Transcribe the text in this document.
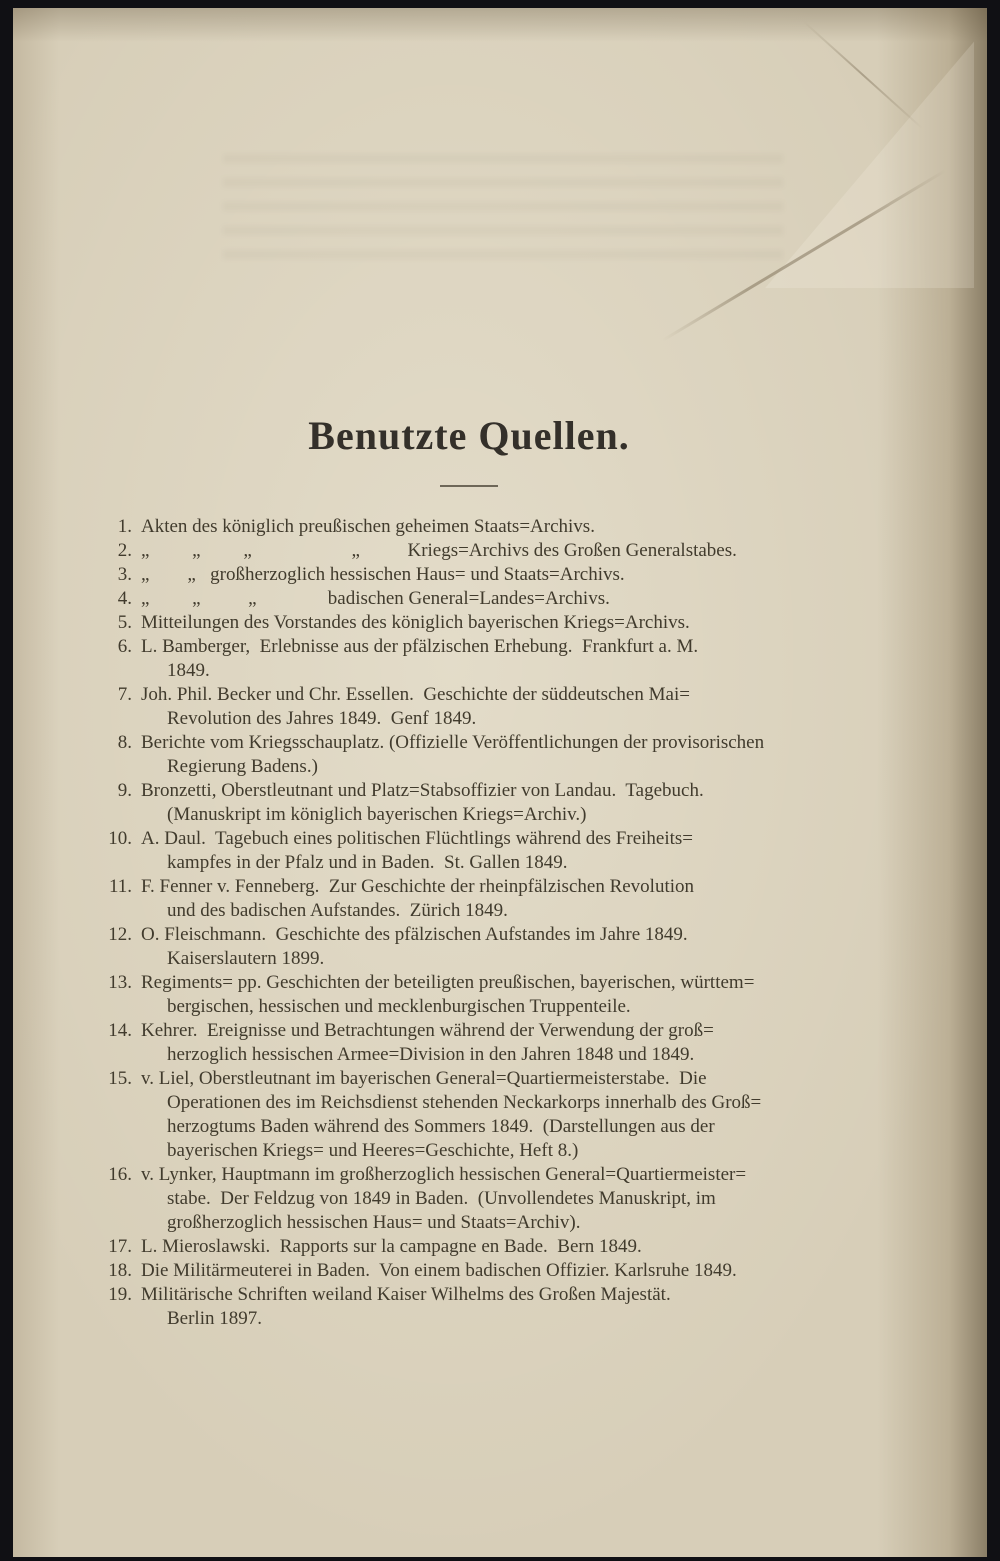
Benutzte Quellen.
1. Akten des königlich preußischen geheimen Staats=Archivs.
2. „         „         „                     „          Kriegs=Archivs des Großen Generalstabes.
3. „        „   großherzoglich hessischen Haus= und Staats=Archivs.
4. „         „          „               badischen General=Landes=Archivs.
5. Mitteilungen des Vorstandes des königlich bayerischen Kriegs=Archivs.
6. L. Bamberger,  Erlebnisse aus der pfälzischen Erhebung.  Frankfurt a. M.
1849.
7. Joh. Phil. Becker und Chr. Essellen.  Geschichte der süddeutschen Mai=
Revolution des Jahres 1849.  Genf 1849.
8. Berichte vom Kriegsschauplatz. (Offizielle Veröffentlichungen der provisorischen
Regierung Badens.)
9. Bronzetti, Oberstleutnant und Platz=Stabsoffizier von Landau.  Tagebuch.
(Manuskript im königlich bayerischen Kriegs=Archiv.)
10. A. Daul.  Tagebuch eines politischen Flüchtlings während des Freiheits=
kampfes in der Pfalz und in Baden.  St. Gallen 1849.
11. F. Fenner v. Fenneberg.  Zur Geschichte der rheinpfälzischen Revolution
und des badischen Aufstandes.  Zürich 1849.
12. O. Fleischmann.  Geschichte des pfälzischen Aufstandes im Jahre 1849.
Kaiserslautern 1899.
13. Regiments= pp. Geschichten der beteiligten preußischen, bayerischen, württem=
bergischen, hessischen und mecklenburgischen Truppenteile.
14. Kehrer.  Ereignisse und Betrachtungen während der Verwendung der groß=
herzoglich hessischen Armee=Division in den Jahren 1848 und 1849.
15. v. Liel, Oberstleutnant im bayerischen General=Quartiermeisterstabe.  Die
Operationen des im Reichsdienst stehenden Neckarkorps innerhalb des Groß=
herzogtums Baden während des Sommers 1849.  (Darstellungen aus der
bayerischen Kriegs= und Heeres=Geschichte, Heft 8.)
16. v. Lynker, Hauptmann im großherzoglich hessischen General=Quartiermeister=
stabe.  Der Feldzug von 1849 in Baden.  (Unvollendetes Manuskript, im
großherzoglich hessischen Haus= und Staats=Archiv).
17. L. Mieroslawski.  Rapports sur la campagne en Bade.  Bern 1849.
18. Die Militärmeuterei in Baden.  Von einem badischen Offizier. Karlsruhe 1849.
19. Militärische Schriften weiland Kaiser Wilhelms des Großen Majestät.
Berlin 1897.
